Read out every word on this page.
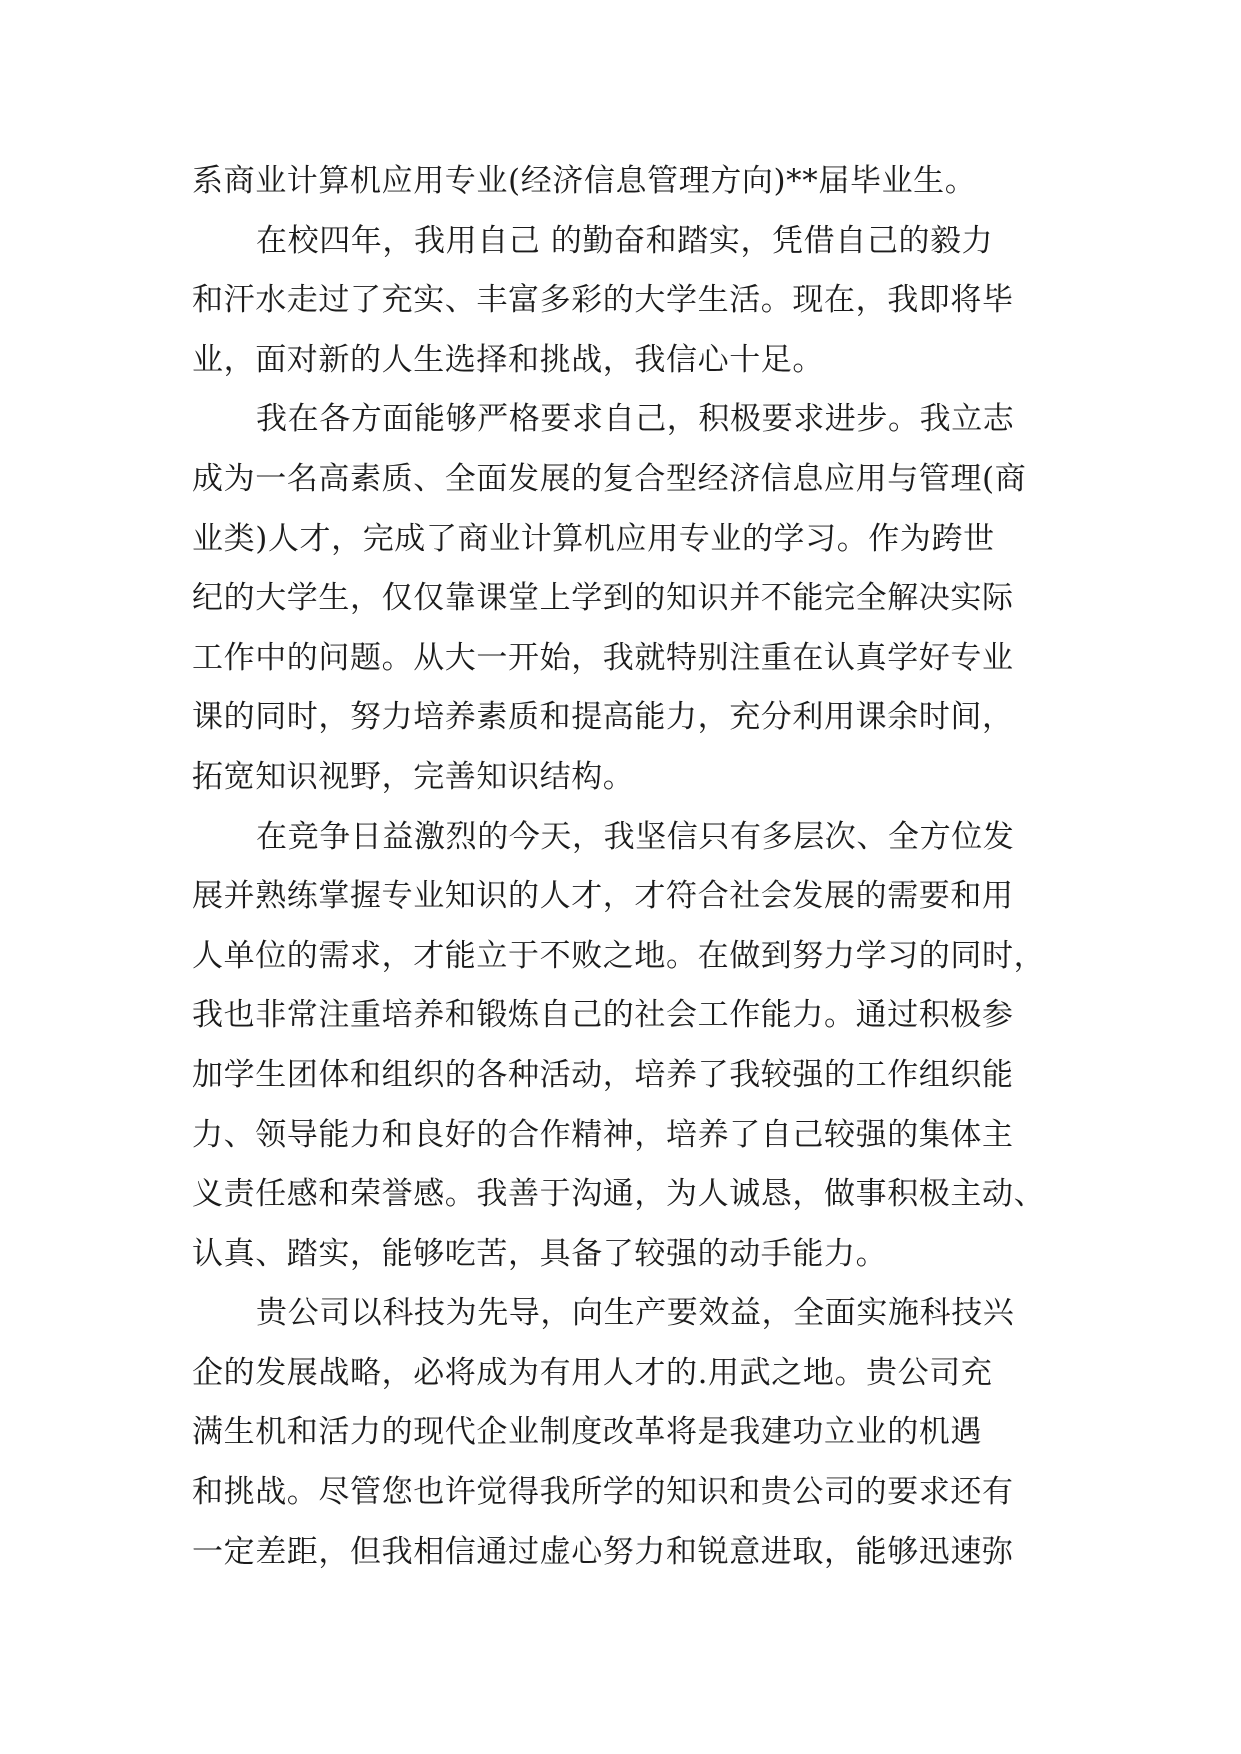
系商业计算机应用专业(经济信息管理方向)**届毕业生。
在校四年，我用自己 的勤奋和踏实，凭借自己的毅力
和汗水走过了充实、丰富多彩的大学生活。现在，我即将毕
业，面对新的人生选择和挑战，我信心十足。
我在各方面能够严格要求自己，积极要求进步。我立志
成为一名高素质、全面发展的复合型经济信息应用与管理(商
业类)人才，完成了商业计算机应用专业的学习。作为跨世
纪的大学生，仅仅靠课堂上学到的知识并不能完全解决实际
工作中的问题。从大一开始，我就特别注重在认真学好专业
课的同时，努力培养素质和提高能力，充分利用课余时间，
拓宽知识视野，完善知识结构。
在竞争日益激烈的今天，我坚信只有多层次、全方位发
展并熟练掌握专业知识的人才，才符合社会发展的需要和用
人单位的需求，才能立于不败之地。在做到努力学习的同时，
我也非常注重培养和锻炼自己的社会工作能力。通过积极参
加学生团体和组织的各种活动，培养了我较强的工作组织能
力、领导能力和良好的合作精神，培养了自己较强的集体主
义责任感和荣誉感。我善于沟通，为人诚恳，做事积极主动、
认真、踏实，能够吃苦，具备了较强的动手能力。
贵公司以科技为先导，向生产要效益，全面实施科技兴
企的发展战略，必将成为有用人才的.用武之地。贵公司充
满生机和活力的现代企业制度改革将是我建功立业的机遇
和挑战。尽管您也许觉得我所学的知识和贵公司的要求还有
一定差距，但我相信通过虚心努力和锐意进取，能够迅速弥
